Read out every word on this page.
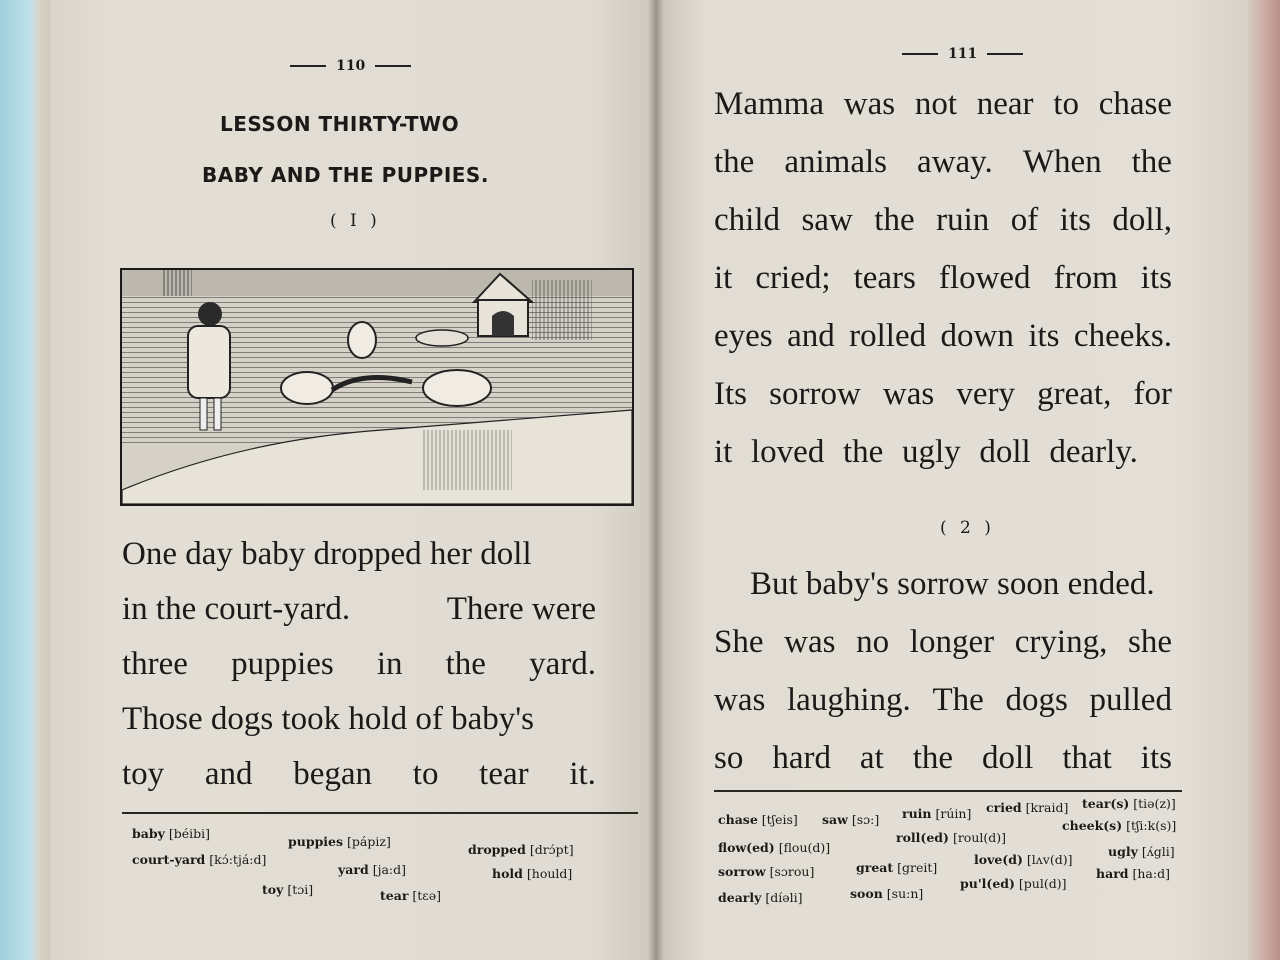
110
LESSON THIRTY-TWO
BABY AND THE PUPPIES.
( I )
One day baby dropped her doll
in the court-yard.	There were
three puppies in the yard.
Those dogs took hold of baby's
toy and began to tear it.
baby [béibi]
puppies [pápiz]
dropped [drɔ́pt]
court-yard [kɔ́:tjá:d]
yard [ja:d]	hold [hould]
toy [tɔi]	tear [tɛə]
111
Mamma was not near to chase
the animals away. When the
child saw the ruin of its doll,
it cried; tears flowed from its
eyes and rolled down its cheeks.
Its sorrow was very great, for
it loved the ugly doll dearly.
( 2 )
But baby's sorrow soon ended.
She was no longer crying, she
was laughing. The dogs pulled
so hard at the doll that its
chase [tʃeis] saw [sɔ:] ruin [rúin] cried [kraid] tear(s) [tiə(z)]
flow(ed) [flou(d)]
roll(ed) [roul(d)]
cheek(s) [tʃi:k(s)]
sorrow [sɔrou]	great [greit]
love(d) [lʌv(d)]
ugly [ʌ́gli]
dearly [díəli]	soon [su:n]
pu'l(ed) [pul(d)]
hard [ha:d]
